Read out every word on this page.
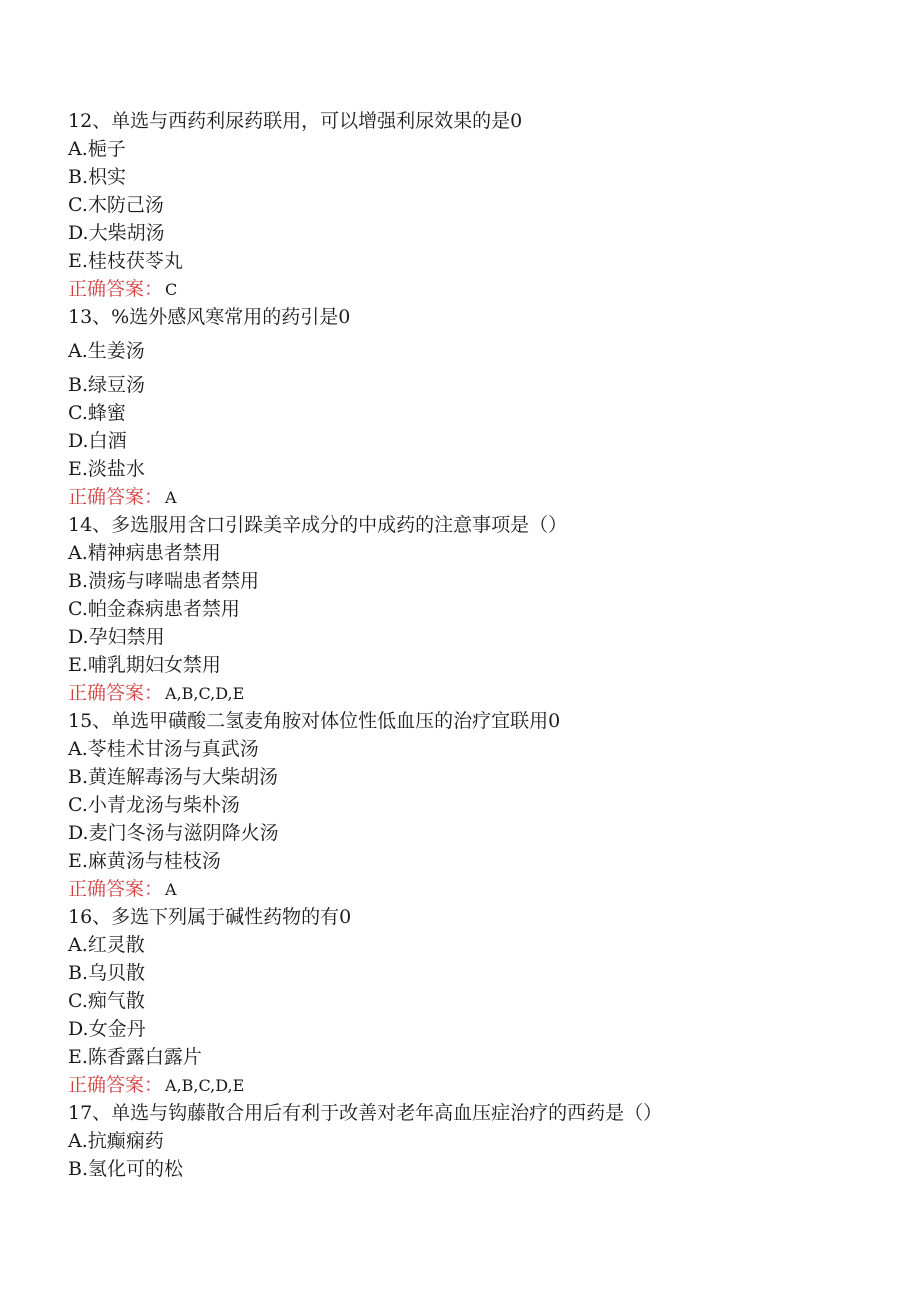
12、单选与西药利尿药联用，可以增强利尿效果的是0
A.梔子
B.枳实
C.木防己汤
D.大柴胡汤
E.桂枝茯苓丸
正确答案： C
13、%选外感风寒常用的药引是0
A.生姜汤
B.绿豆汤
C.蜂蜜
D.白酒
E.淡盐水
正确答案： A
14、多选服用含口引跺美辛成分的中成药的注意事项是（）
A.精神病患者禁用
B.溃疡与哮喘患者禁用
C.帕金森病患者禁用
D.孕妇禁用
E.哺乳期妇女禁用
正确答案： A,B,C,D,E
15、单选甲磺酸二氢麦角胺对体位性低血压的治疗宜联用0
A.苓桂术甘汤与真武汤
B.黄连解毒汤与大柴胡汤
C.小青龙汤与柴朴汤
D.麦门冬汤与滋阴降火汤
E.麻黄汤与桂枝汤
正确答案： A
16、多选下列属于碱性药物的有0
A.红灵散
B.乌贝散
C.痴气散
D.女金丹
E.陈香露白露片
正确答案： A,B,C,D,E
17、单选与钩藤散合用后有利于改善对老年高血压症治疗的西药是（）
A.抗癫痫药
B.氢化可的松
